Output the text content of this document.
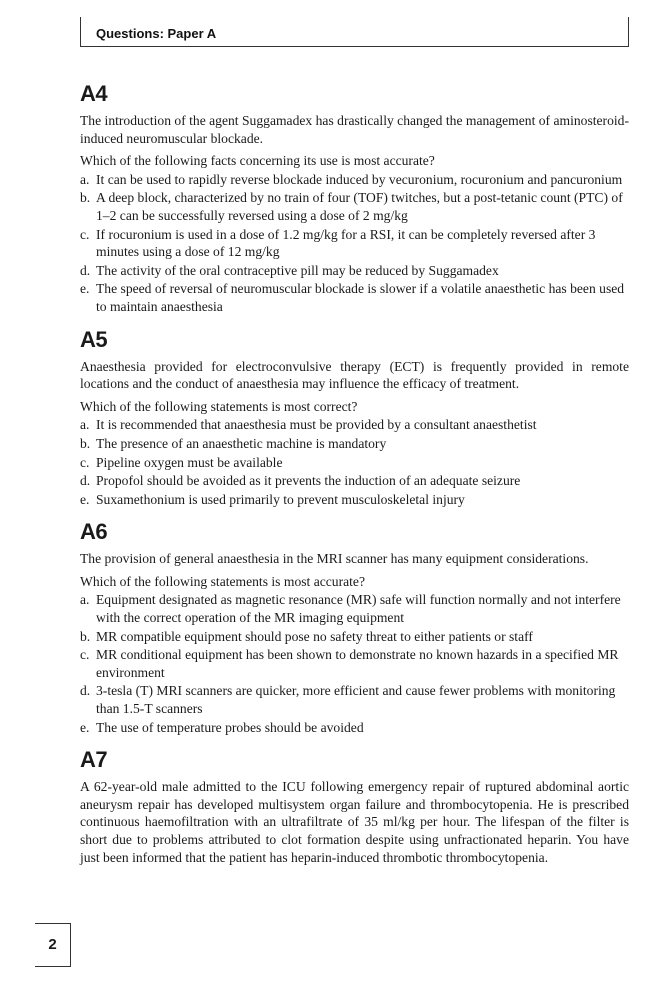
Questions: Paper A
A4

The introduction of the agent Suggamadex has drastically changed the management of aminosteroid-induced neuromuscular blockade.

Which of the following facts concerning its use is most accurate?

a. It can be used to rapidly reverse blockade induced by vecuronium, rocuronium and pancuronium
b. A deep block, characterized by no train of four (TOF) twitches, but a post-tetanic count (PTC) of 1–2 can be successfully reversed using a dose of 2 mg/kg
c. If rocuronium is used in a dose of 1.2 mg/kg for a RSI, it can be completely reversed after 3 minutes using a dose of 12 mg/kg
d. The activity of the oral contraceptive pill may be reduced by Suggamadex
e. The speed of reversal of neuromuscular blockade is slower if a volatile anaesthetic has been used to maintain anaesthesia
A5

Anaesthesia provided for electroconvulsive therapy (ECT) is frequently provided in remote locations and the conduct of anaesthesia may influence the efficacy of treatment.

Which of the following statements is most correct?

a. It is recommended that anaesthesia must be provided by a consultant anaesthetist
b. The presence of an anaesthetic machine is mandatory
c. Pipeline oxygen must be available
d. Propofol should be avoided as it prevents the induction of an adequate seizure
e. Suxamethonium is used primarily to prevent musculoskeletal injury
A6

The provision of general anaesthesia in the MRI scanner has many equipment considerations.

Which of the following statements is most accurate?

a. Equipment designated as magnetic resonance (MR) safe will function normally and not interfere with the correct operation of the MR imaging equipment
b. MR compatible equipment should pose no safety threat to either patients or staff
c. MR conditional equipment has been shown to demonstrate no known hazards in a specified MR environment
d. 3-tesla (T) MRI scanners are quicker, more efficient and cause fewer problems with monitoring than 1.5-T scanners
e. The use of temperature probes should be avoided
A7

A 62-year-old male admitted to the ICU following emergency repair of ruptured abdominal aortic aneurysm repair has developed multisystem organ failure and thrombocytopenia. He is prescribed continuous haemofiltration with an ultrafiltrate of 35 ml/kg per hour. The lifespan of the filter is short due to problems attributed to clot formation despite using unfractionated heparin. You have just been informed that the patient has heparin-induced thrombotic thrombocytopenia.

2
